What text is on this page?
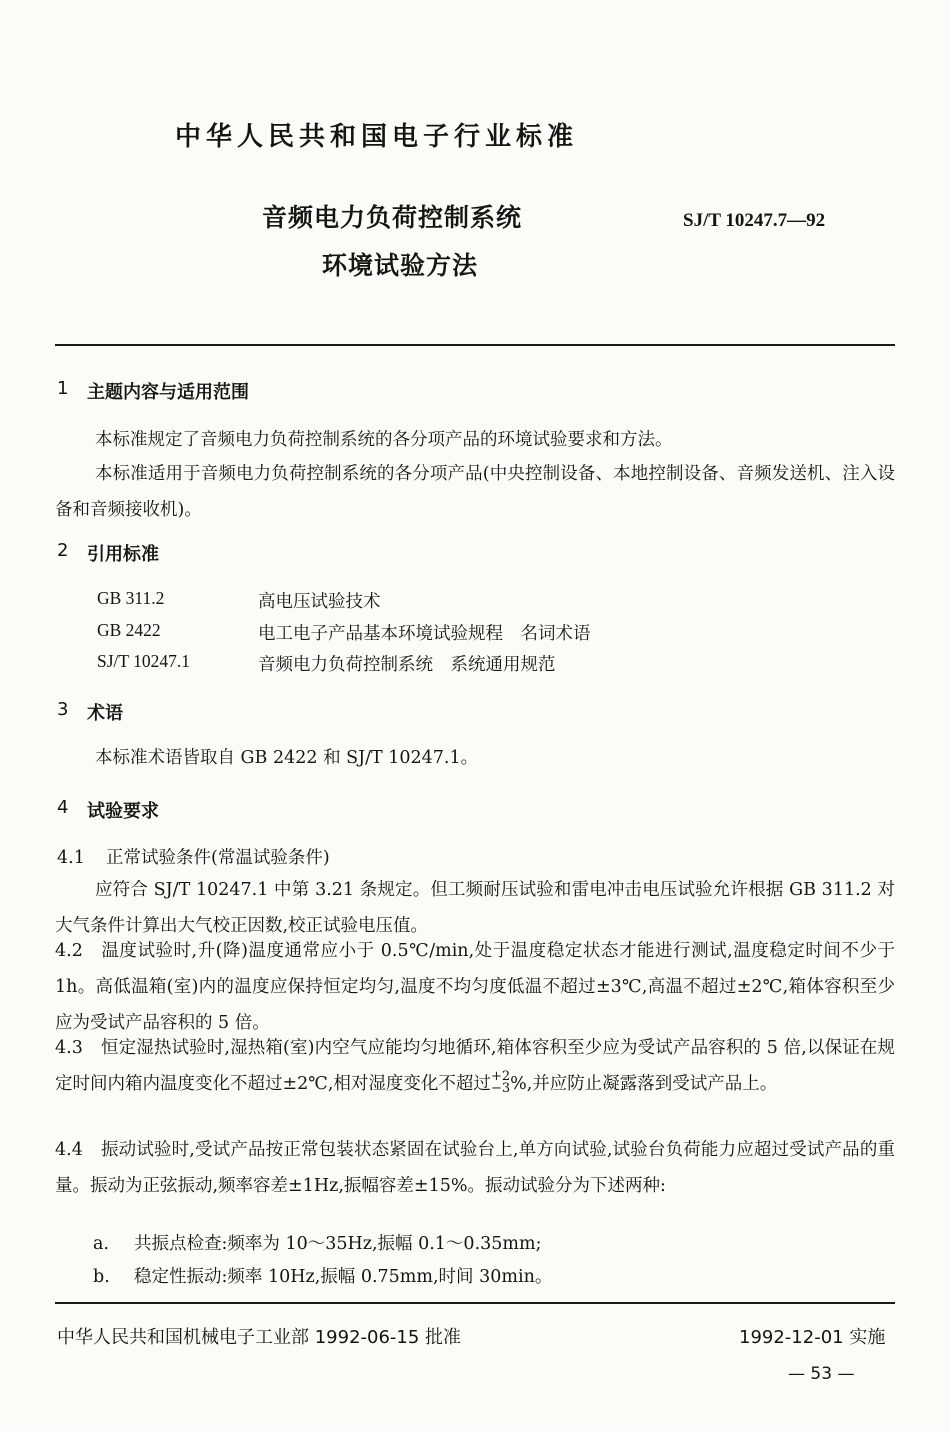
中华人民共和国电子行业标准
音频电力负荷控制系统
环境试验方法
SJ/T 10247.7—92
1 主题内容与适用范围
本标准规定了音频电力负荷控制系统的各分项产品的环境试验要求和方法。
本标准适用于音频电力负荷控制系统的各分项产品(中央控制设备、本地控制设备、音频发送机、注入设备和音频接收机)。
2 引用标准
GB 311.2	高电压试验技术
GB 2422	电工电子产品基本环境试验规程　名词术语
SJ/T 10247.1	音频电力负荷控制系统　系统通用规范
3 术语
本标准术语皆取自 GB 2422 和 SJ/T 10247.1。
4 试验要求
4.1 正常试验条件(常温试验条件)
应符合 SJ/T 10247.1 中第 3.21 条规定。但工频耐压试验和雷电冲击电压试验允许根据 GB 311.2 对大气条件计算出大气校正因数,校正试验电压值。
4.2 温度试验时,升(降)温度通常应小于 0.5℃/min,处于温度稳定状态才能进行测试,温度稳定时间不少于1h。高低温箱(室)内的温度应保持恒定均匀,温度不均匀度低温不超过±3℃,高温不超过±2℃,箱体容积至少应为受试产品容积的 5 倍。
4.3 恒定湿热试验时,湿热箱(室)内空气应能均匀地循环,箱体容积至少应为受试产品容积的 5 倍,以保证在规定时间内箱内温度变化不超过±2℃,相对湿度变化不超过 +2
−3 %,并应防止凝露落到受试产品上。
4.4 振动试验时,受试产品按正常包装状态紧固在试验台上,单方向试验,试验台负荷能力应超过受试产品的重量。振动为正弦振动,频率容差±1Hz,振幅容差±15%。振动试验分为下述两种:
a. 共振点检查:频率为 10～35Hz,振幅 0.1～0.35mm;
b. 稳定性振动:频率 10Hz,振幅 0.75mm,时间 30min。
中华人民共和国机械电子工业部 1992-06-15 批准	1992-12-01 实施
— 53 —
